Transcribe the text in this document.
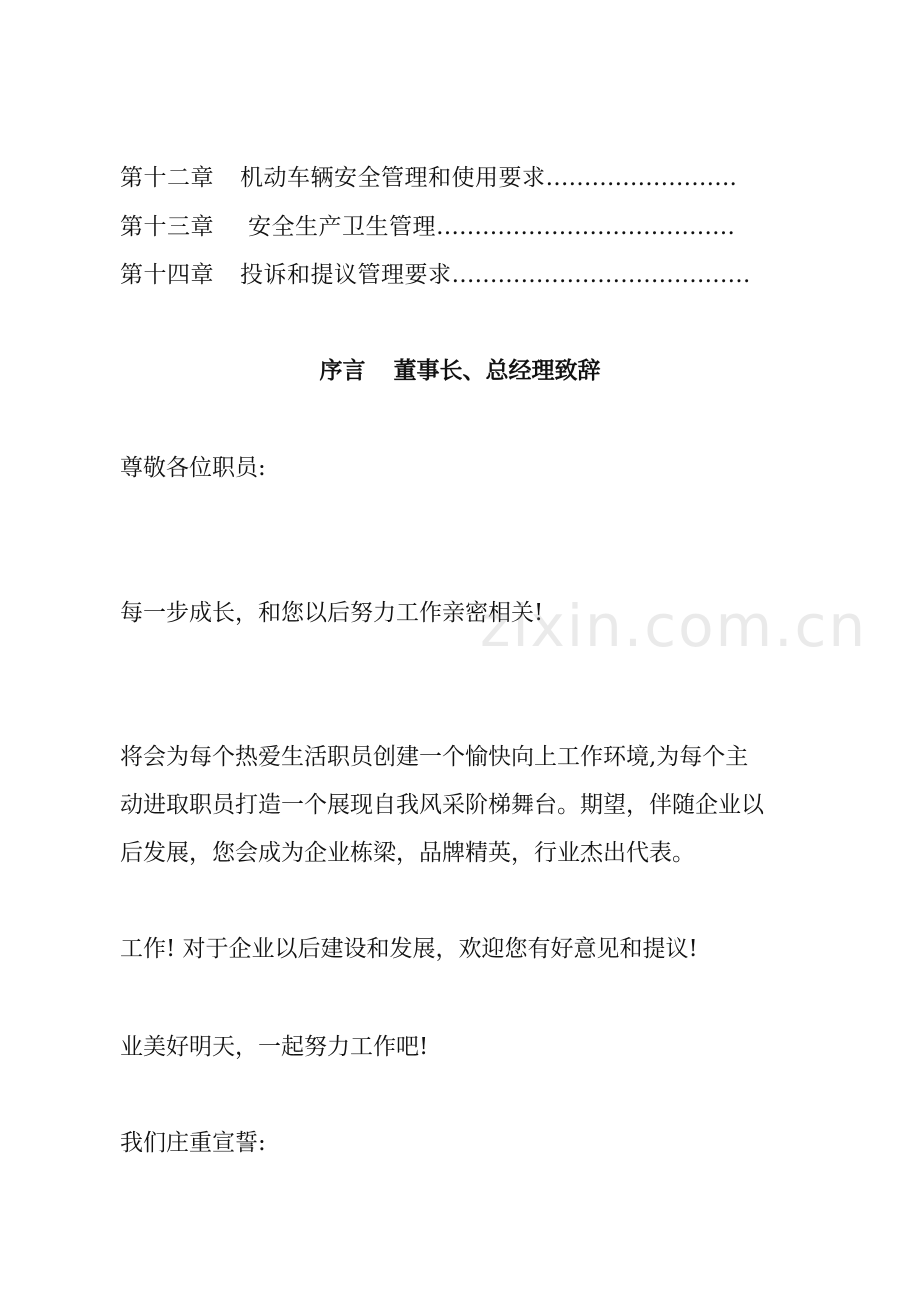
第十二章 机动车辆安全管理和使用要求…………………….
第十三章 安全生产卫生管理…………………………………
第十四章 投诉和提议管理要求…………………………………
序言 董事长、总经理致辞
尊敬各位职员:
每一步成长，和您以后努力工作亲密相关!
将会为每个热爱生活职员创建一个愉快向上工作环境,为每个主
动进取职员打造一个展现自我风采阶梯舞台。期望，伴随企业以
后发展，您会成为企业栋梁，品牌精英，行业杰出代表。
工作! 对于企业以后建设和发展，欢迎您有好意见和提议!
业美好明天，一起努力工作吧!
我们庄重宣誓:
zixin.com.cn
